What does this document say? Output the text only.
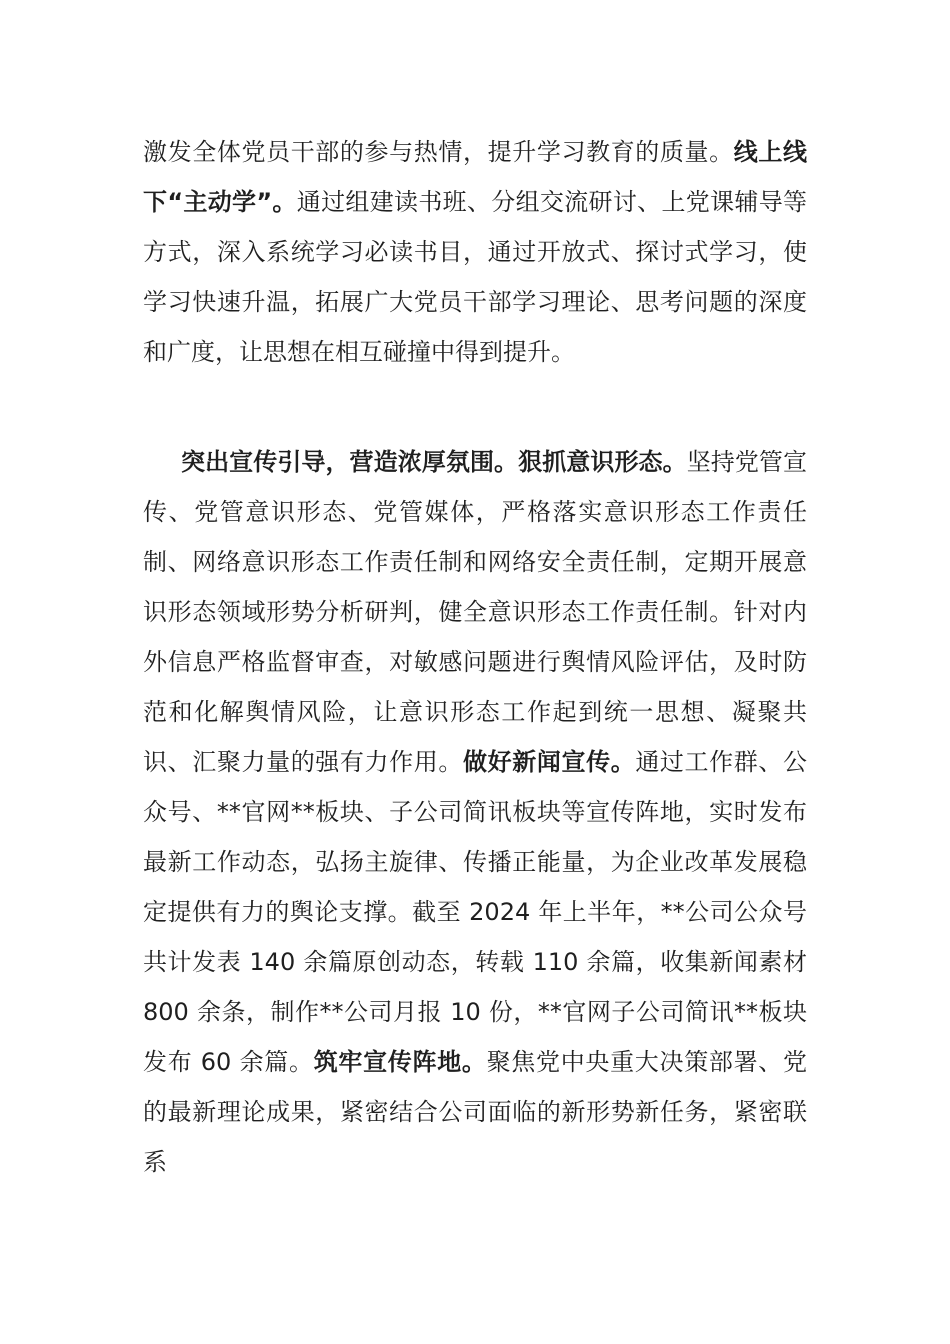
激发全体党员干部的参与热情，提升学习教育的质量。线上线下“主动学”。通过组建读书班、分组交流研讨、上党课辅导等方式，深入系统学习必读书目，通过开放式、探讨式学习，使学习快速升温，拓展广大党员干部学习理论、思考问题的深度和广度，让思想在相互碰撞中得到提升。

突出宣传引导，营造浓厚氛围。狠抓意识形态。坚持党管宣传、党管意识形态、党管媒体，严格落实意识形态工作责任制、网络意识形态工作责任制和网络安全责任制，定期开展意识形态领域形势分析研判，健全意识形态工作责任制。针对内外信息严格监督审查，对敏感问题进行舆情风险评估，及时防范和化解舆情风险，让意识形态工作起到统一思想、凝聚共识、汇聚力量的强有力作用。做好新闻宣传。通过工作群、公众号、**官网**板块、子公司简讯板块等宣传阵地，实时发布最新工作动态，弘扬主旋律、传播正能量，为企业改革发展稳定提供有力的舆论支撑。截至 2024 年上半年，**公司公众号共计发表 140 余篇原创动态，转载 110 余篇，收集新闻素材 800 余条，制作**公司月报 10 份，**官网子公司简讯**板块发布 60 余篇。筑牢宣传阵地。聚焦党中央重大决策部署、党的最新理论成果，紧密结合公司面临的新形势新任务，紧密联系
